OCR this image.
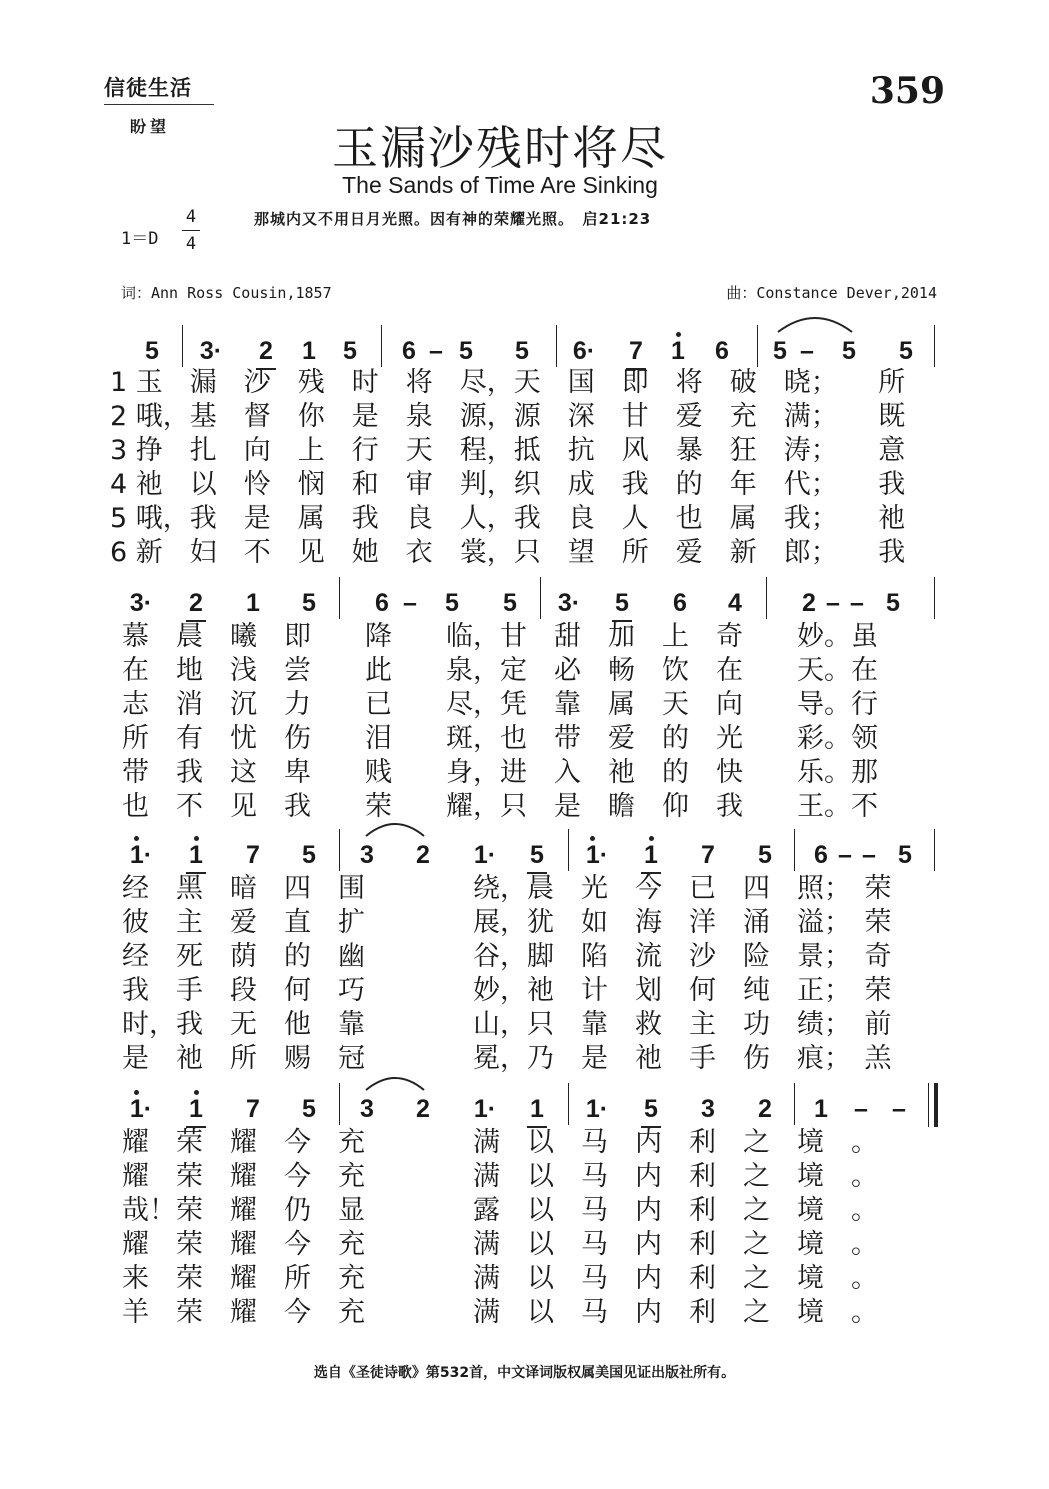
信徒生活
盼望
359
玉漏沙残时将尽
The Sands of Time Are Sinking
1＝D
4
4
那城内又不用日月光照。因有神的荣耀光照。　启21:23
词：Ann Ross Cousin,1857	曲：Constance Dever,2014
5	3·	2	1	5	6 – 5	5	6·	7	1	6	5 –	5	5
1 玉　漏　沙　残　时　将　尽，天　国　即　将　破　晓；　　所
2 哦，基　督　你　是　泉　源，源　深　甘　爱　充　满；　　既
3 挣　扎　向　上　行　天　程，抵　抗　风　暴　狂　涛；　　意
4 祂　以　怜　悯　和　审　判，织　成　我　的　年　代；　　我
5 哦，我　是　属　我　良　人，我　良　人　也　属　我；　　祂
6 新　妇　不　见　她　衣　裳，只　望　所　爱　新　郎；　　我
3·	2	1	5	6 –	5	5	3·	5	6	4	2 – – 5
慕　晨　曦　即　　降　　临，甘　甜　加　上　奇　　妙。虽
在　地　浅　尝　　此　　泉，定　必　畅　饮　在　　天。在
志　消　沉　力　　已　　尽，凭　靠　属　天　向　　导。行
所　有　忧　伤　　泪　　斑，也　带　爱　的　光　　彩。领
带　我　这　卑　　贱　　身，进　入　祂　的　快　　乐。那
也　不　见　我　　荣　　耀，只　是　瞻　仰　我　　王。不
1·	1	7	5	3	2	1·	5	1·	1	7	5	6 – – 5
经　黑　暗　四　围　　　　绕，晨　光　今　已　四　照；　荣
彼　主　爱　直　扩　　　　展，犹　如　海　洋　涌　溢；　荣
经　死　荫　的　幽　　　　谷，脚　陷　流　沙　险　景；　奇
我　手　段　何　巧　　　　妙，祂　计　划　何　纯　正；　荣
时，我　无　他　靠　　　　山，只　靠　救　主　功　绩；　前
是　祂　所　赐　冠　　　　冕，乃　是　祂　手　伤　痕；　羔
1·	1	7	5	3	2	1·	1	1·	5	3	2	1	– –
耀　荣　耀　今　充　　　　满　以　马　内　利　之　境　。
耀　荣　耀　今　充　　　　满　以　马　内　利　之　境　。
哉！荣　耀　仍　显　　　　露　以　马　内　利　之　境　。
耀　荣　耀　今　充　　　　满　以　马　内　利　之　境　。
来　荣　耀　所　充　　　　满　以　马　内　利　之　境　。
羊　荣　耀　今　充　　　　满　以　马　内　利　之　境　。
选自《圣徒诗歌》第532首，中文译词版权属美国见证出版社所有。
